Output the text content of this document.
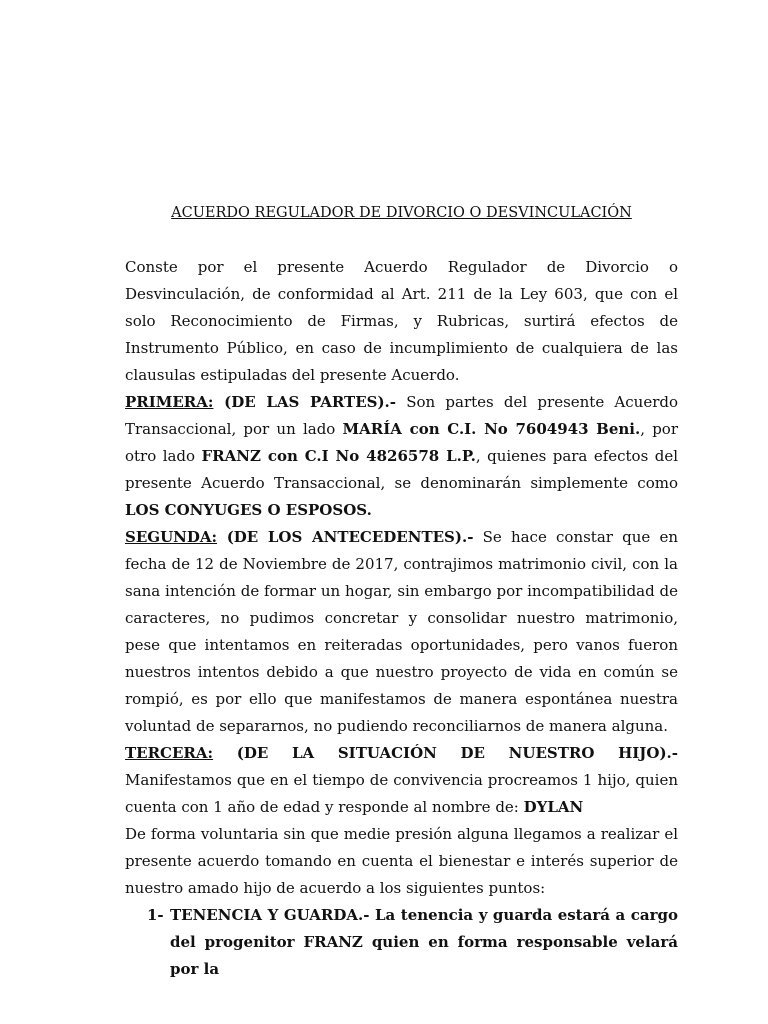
ACUERDO REGULADOR DE DIVORCIO O DESVINCULACIÓN

Conste por el presente Acuerdo Regulador de Divorcio o Desvinculación, de conformidad al Art. 211 de la Ley 603, que con el solo Reconocimiento de Firmas, y Rubricas, surtirá efectos de Instrumento Público, en caso de incumplimiento de cualquiera de las clausulas estipuladas del presente Acuerdo.

PRIMERA: (DE LAS PARTES).- Son partes del presente Acuerdo Transaccional, por un lado MARÍA con C.I. No 7604943 Beni., por otro lado FRANZ con C.I No 4826578 L.P., quienes para efectos del presente Acuerdo Transaccional, se denominarán simplemente como LOS CONYUGES O ESPOSOS.

SEGUNDA: (DE LOS ANTECEDENTES).- Se hace constar que en fecha de 12 de Noviembre de 2017, contrajimos matrimonio civil, con la sana intención de formar un hogar, sin embargo por incompatibilidad de caracteres, no pudimos concretar y consolidar nuestro matrimonio, pese que intentamos en reiteradas oportunidades, pero vanos fueron nuestros intentos debido a que nuestro proyecto de vida en común se rompió, es por ello que manifestamos de manera espontánea nuestra voluntad de separarnos, no pudiendo reconciliarnos de manera alguna.

TERCERA: (DE LA SITUACIÓN DE NUESTRO HIJO).- Manifestamos que en el tiempo de convivencia procreamos 1 hijo, quien cuenta con 1 año de edad y responde al nombre de: DYLAN

De forma voluntaria sin que medie presión alguna llegamos a realizar el presente acuerdo tomando en cuenta el bienestar e interés superior de nuestro amado hijo de acuerdo a los siguientes puntos:

1- TENENCIA Y GUARDA.- La tenencia y guarda estará a cargo del progenitor FRANZ quien en forma responsable velará por la
